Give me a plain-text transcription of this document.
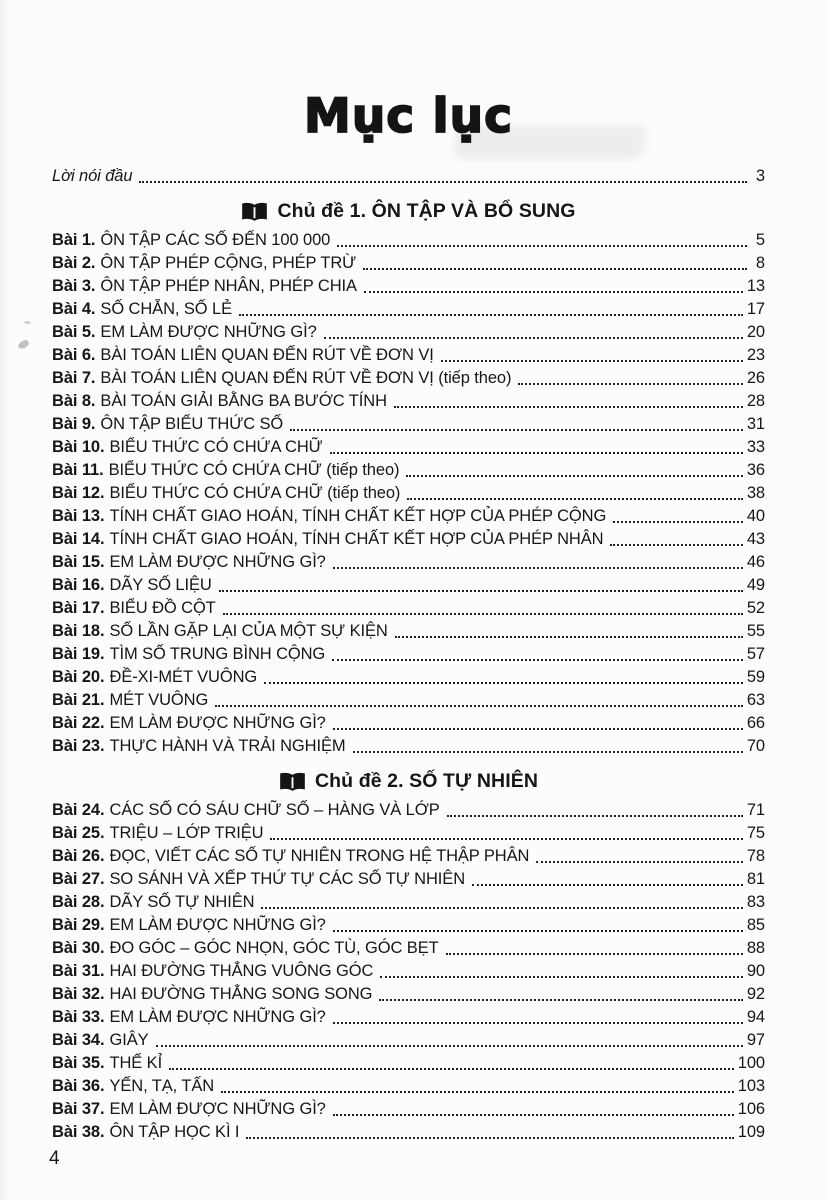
Mục lục
Lời nói đầu	3
Chủ đề 1. ÔN TẬP VÀ BỔ SUNG
Bài 1. ÔN TẬP CÁC SỐ ĐẾN 100 000	5
Bài 2. ÔN TẬP PHÉP CỘNG, PHÉP TRỪ	8
Bài 3. ÔN TẬP PHÉP NHÂN, PHÉP CHIA	13
Bài 4. SỐ CHẴN, SỐ LẺ	17
Bài 5. EM LÀM ĐƯỢC NHỮNG GÌ?	20
Bài 6. BÀI TOÁN LIÊN QUAN ĐẾN RÚT VỀ ĐƠN VỊ	23
Bài 7. BÀI TOÁN LIÊN QUAN ĐẾN RÚT VỀ ĐƠN VỊ (tiếp theo)	26
Bài 8. BÀI TOÁN GIẢI BẰNG BA BƯỚC TÍNH	28
Bài 9. ÔN TẬP BIỂU THỨC SỐ	31
Bài 10. BIỂU THỨC CÓ CHỨA CHỮ	33
Bài 11. BIỂU THỨC CÓ CHỨA CHỮ (tiếp theo)	36
Bài 12. BIỂU THỨC CÓ CHỨA CHỮ (tiếp theo)	38
Bài 13. TÍNH CHẤT GIAO HOÁN, TÍNH CHẤT KẾT HỢP CỦA PHÉP CỘNG	40
Bài 14. TÍNH CHẤT GIAO HOÁN, TÍNH CHẤT KẾT HỢP CỦA PHÉP NHÂN	43
Bài 15. EM LÀM ĐƯỢC NHỮNG GÌ?	46
Bài 16. DÃY SỐ LIỆU	49
Bài 17. BIỂU ĐỒ CỘT	52
Bài 18. SỐ LẦN GẶP LẠI CỦA MỘT SỰ KIỆN	55
Bài 19. TÌM SỐ TRUNG BÌNH CỘNG	57
Bài 20. ĐỀ-XI-MÉT VUÔNG	59
Bài 21. MÉT VUÔNG	63
Bài 22. EM LÀM ĐƯỢC NHỮNG GÌ?	66
Bài 23. THỰC HÀNH VÀ TRẢI NGHIỆM	70
Chủ đề 2. SỐ TỰ NHIÊN
Bài 24. CÁC SỐ CÓ SÁU CHỮ SỐ – HÀNG VÀ LỚP	71
Bài 25. TRIỆU – LỚP TRIỆU	75
Bài 26. ĐỌC, VIẾT CÁC SỐ TỰ NHIÊN TRONG HỆ THẬP PHÂN	78
Bài 27. SO SÁNH VÀ XẾP THỨ TỰ CÁC SỐ TỰ NHIÊN	81
Bài 28. DÃY SỐ TỰ NHIÊN	83
Bài 29. EM LÀM ĐƯỢC NHỮNG GÌ?	85
Bài 30. ĐO GÓC – GÓC NHỌN, GÓC TÙ, GÓC BẸT	88
Bài 31. HAI ĐƯỜNG THẲNG VUÔNG GÓC	90
Bài 32. HAI ĐƯỜNG THẲNG SONG SONG	92
Bài 33. EM LÀM ĐƯỢC NHỮNG GÌ?	94
Bài 34. GIÂY	97
Bài 35. THẾ KỈ	100
Bài 36. YẾN, TẠ, TẤN	103
Bài 37. EM LÀM ĐƯỢC NHỮNG GÌ?	106
Bài 38. ÔN TẬP HỌC KÌ I	109
4
